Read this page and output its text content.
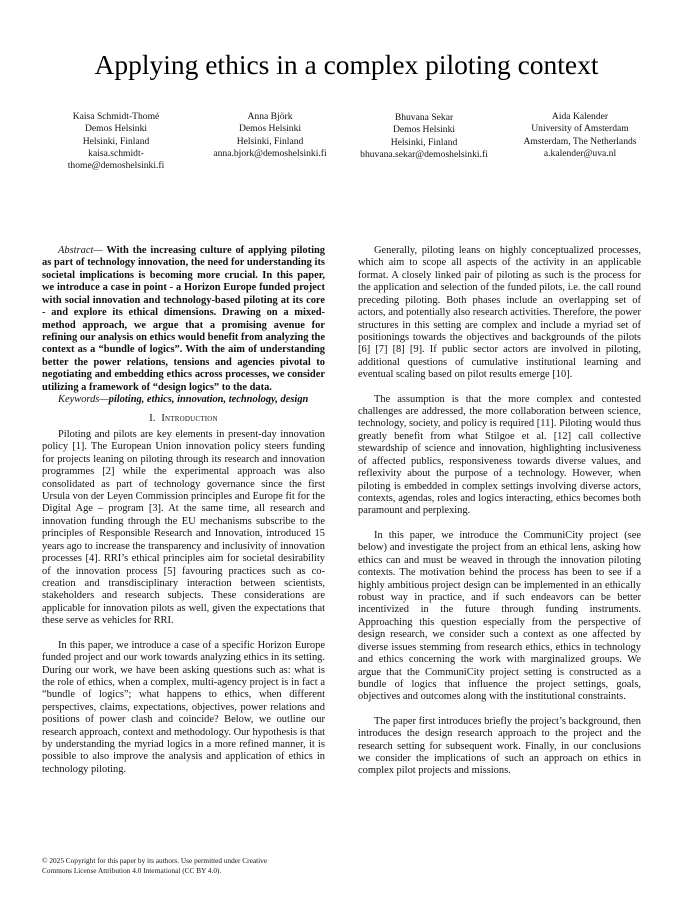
Applying ethics in a complex piloting context
Kaisa Schmidt-Thomé
Demos Helsinki
Helsinki, Finland
kaisa.schmidt-
thome@demoshelsinki.fi
Anna Björk
Demos Helsinki
Helsinki, Finland
anna.bjork@demoshelsinki.fi
Bhuvana Sekar
Demos Helsinki
Helsinki, Finland
bhuvana.sekar@demoshelsinki.fi
Aida Kalender
University of Amsterdam
Amsterdam, The Netherlands
a.kalender@uva.nl

Abstract— With the increasing culture of applying piloting as part of technology innovation, the need for understanding its societal implications is becoming more crucial. In this paper, we introduce a case in point - a Horizon Europe funded project with social innovation and technology-based piloting at its core - and explore its ethical dimensions. Drawing on a mixed-method approach, we argue that a promising avenue for refining our analysis on ethics would benefit from analyzing the context as a “bundle of logics”. With the aim of understanding better the power relations, tensions and agencies pivotal to negotiating and embedding ethics across processes, we consider utilizing a framework of “design logics” to the data.

Keywords—piloting, ethics, innovation, technology, design

I. Introduction

Piloting and pilots are key elements in present-day innovation policy [1]. The European Union innovation policy steers funding for projects leaning on piloting through its research and innovation programmes [2] while the experimental approach was also consolidated as part of technology governance since the first Ursula von der Leyen Commission principles and Europe fit for the Digital Age – program [3]. At the same time, all research and innovation funding through the EU mechanisms subscribe to the principles of Responsible Research and Innovation, introduced 15 years ago to increase the transparency and inclusivity of innovation processes [4]. RRI’s ethical principles aim for societal desirability of the innovation process [5] favouring practices such as co-creation and transdisciplinary interaction between scientists, stakeholders and research subjects. These considerations are applicable for innovation pilots as well, given the expectations that these serve as vehicles for RRI.

In this paper, we introduce a case of a specific Horizon Europe funded project and our work towards analyzing ethics in its setting. During our work, we have been asking questions such as: what is the role of ethics, when a complex, multi-agency project is in fact a “bundle of logics”; what happens to ethics, when different perspectives, claims, expectations, objectives, power relations and positions of power clash and coincide? Below, we outline our research approach, context and methodology. Our hypothesis is that by understanding the myriad logics in a more refined manner, it is possible to also improve the analysis and application of ethics in technology piloting.

Generally, piloting leans on highly conceptualized processes, which aim to scope all aspects of the activity in an applicable format. A closely linked pair of piloting as such is the process for the application and selection of the funded pilots, i.e. the call round preceding piloting. Both phases include an overlapping set of actors, and potentially also research activities. Therefore, the power structures in this setting are complex and include a myriad set of positionings towards the objectives and backgrounds of the pilots [6] [7] [8] [9]. If public sector actors are involved in piloting, additional questions of cumulative institutional learning and eventual scaling based on pilot results emerge [10].

The assumption is that the more complex and contested challenges are addressed, the more collaboration between science, technology, society, and policy is required [11]. Piloting would thus greatly benefit from what Stilgoe et al. [12] call collective stewardship of science and innovation, highlighting inclusiveness of affected publics, responsiveness towards diverse values, and reflexivity about the purpose of a technology. However, when piloting is embedded in complex settings involving diverse actors, contexts, agendas, roles and logics interacting, ethics becomes both paramount and perplexing.

In this paper, we introduce the CommuniCity project (see below) and investigate the project from an ethical lens, asking how ethics can and must be weaved in through the innovation piloting contexts. The motivation behind the process has been to see if a highly ambitious project design can be implemented in an ethically robust way in practice, and if such endeavors can be better incentivized in the future through funding instruments. Approaching this question especially from the perspective of design research, we consider such a context as one affected by diverse issues stemming from research ethics, ethics in technology and ethics concerning the work with marginalized groups. We argue that the CommuniCity project setting is constructed as a bundle of logics that influence the project settings, goals, objectives and outcomes along with the institutional constraints.

The paper first introduces briefly the project’s background, then introduces the design research approach to the project and the research setting for subsequent work. Finally, in our conclusions we consider the implications of such an approach on ethics in complex pilot projects and missions.

© 2025 Copyright for this paper by its authors. Use permitted under Creative
Commons License Attribution 4.0 International (CC BY 4.0).
